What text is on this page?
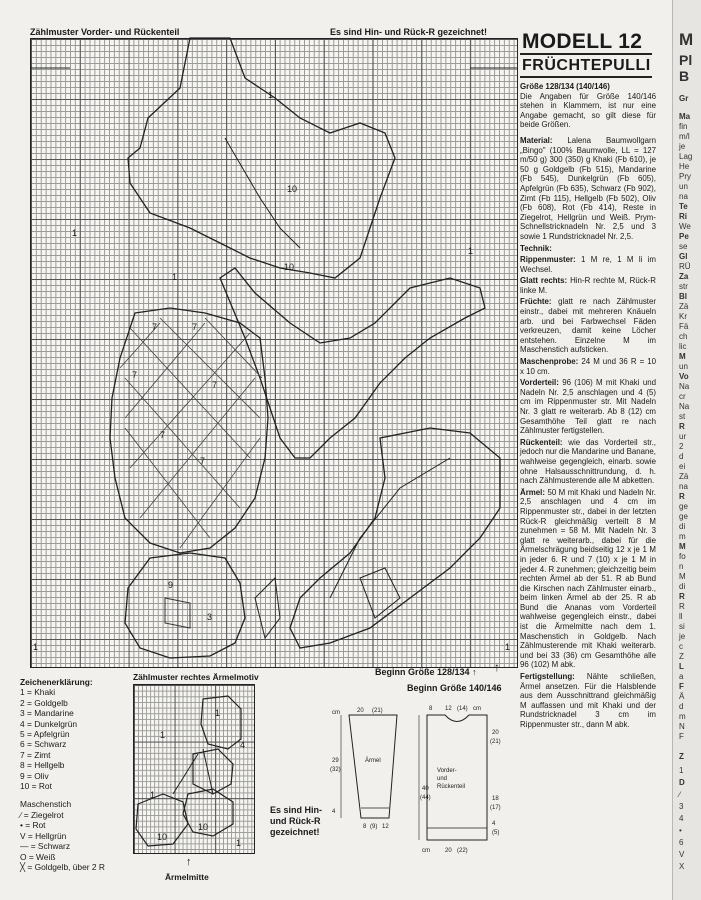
Zählmuster Vorder- und Rückenteil	Es sind Hin- und Rück-R gezeichnet!
1
1
10
10
1
1
7	7
7
7
7
7
9
3
1	1
MODELL 12
FRÜCHTEPULLI

Größe 128/134 (140/146)
Die Angaben für Größe 140/146 stehen in Klammern, ist nur eine Angabe gemacht, so gilt diese für beide Größen.

Material: Lalena Baumwollgarn „Bingo" (100% Baumwolle, LL = 127 m/50 g) 300 (350) g Khaki (Fb 610), je 50 g Goldgelb (Fb 515), Mandarine (Fb 545), Dunkelgrün (Fb 605), Apfelgrün (Fb 635), Schwarz (Fb 902), Zimt (Fb 115), Hellgelb (Fb 502), Oliv (Fb 608), Rot (Fb 414), Reste in Ziegelrot, Hellgrün und Weiß. Prym-Schnellstricknadeln Nr. 2,5 und 3 sowie 1 Rundstricknadel Nr. 2,5.

Technik:

Rippenmuster: 1 M re, 1 M li im Wechsel.

Glatt rechts: Hin-R rechte M, Rück-R linke M.

Früchte: glatt re nach Zählmuster einstr., dabei mit mehreren Knäueln arb. und bei Farbwechsel Fäden verkreuzen, damit keine Löcher entstehen. Einzelne M im Maschenstich aufsticken.

Maschenprobe: 24 M und 36 R = 10 x 10 cm.

Vorderteil: 96 (106) M mit Khaki und Nadeln Nr. 2,5 anschlagen und 4 (5) cm im Rippenmuster str. Mit Nadeln Nr. 3 glatt re weiterarb. Ab 8 (12) cm Gesamthöhe Teil glatt re nach Zählmuster fertigstellen.

Rückenteil: wie das Vorderteil str., jedoch nur die Mandarine und Banane, wahlweise gegengleich, einarb. sowie ohne Halsausschnittrundung, d. h. nach Zählmusterende alle M abketten.

Ärmel: 50 M mit Khaki und Nadeln Nr. 2,5 anschlagen und 4 cm im Rippenmuster str., dabei in der letzten Rück-R gleichmäßig verteilt 8 M zunehmen = 58 M. Mit Nadeln Nr. 3 glatt re weiterarb., dabei für die Ärmelschrägung beidseitig 12 x je 1 M in jeder 6. R und 7 (10) x je 1 M in jeder 4. R zunehmen; gleichzeitig beim rechten Ärmel ab der 51. R ab Bund die Kirschen nach Zählmuster einarb., beim linken Ärmel ab der 25. R ab Bund die Ananas vom Vorderteil wahlweise gegengleich einstr., dabei ist die Ärmelmitte nach dem 1. Maschenstich in Goldgelb. Nach Zählmusterende mit Khaki weiterarb. und bei 33 (36) cm Gesamthöhe alle 96 (102) M abk.

Fertigstellung: Nähte schließen, Ärmel ansetzen. Für die Halsblende aus dem Ausschnittrand gleichmäßig M auffassen und mit Khaki und der Rundstricknadel 3 cm im Rippenmuster str., dann M abk.

Beginn Größe 128/134 ↑
Beginn Größe 140/146
↑
Zeichenerklärung:
1 = Khaki
2 = Goldgelb
3 = Mandarine
4 = Dunkelgrün
5 = Apfelgrün
6 = Schwarz
7 = Zimt
8 = Hellgelb
9 = Oliv
10 = Rot
Maschenstich
∕ = Ziegelrot
• = Rot
V = Hellgrün
— = Schwarz
O = Weiß
╳ = Goldgelb, über 2 R
Zählmuster rechtes Ärmelmotiv
1
4
1
1
1
10
10
Es sind Hin-
und Rück-R
gezeichnet!
↑
Ärmelmitte
cm	20 (21)
29
(32)
Ärmel
4
8 (9) 12
8 12 (14) cm
20
(21)
40
(44)
Vorder-
und
Rückenteil
18
(17)
4
(5)
cm	20 (22)
M
Pl
B
Gr
Ma
fin
m/l
je
Lag
He
Pry
un
na
Te
Ri
We
Pe
se
Gl
RÜ
Za
str
Bl
Zä
Kr
Fä
ch
lic
M
un
Vo
Na
cr
Na
st
R
ur
2
d
ei
Zä
na
R
ge
ge
di
m
M
fo
n
M
di
R
R
ll
si
je
c
Z
L
a
F
Ä
d
m
N
F
Z
1
D
∕
3
4
•
6
V
X
